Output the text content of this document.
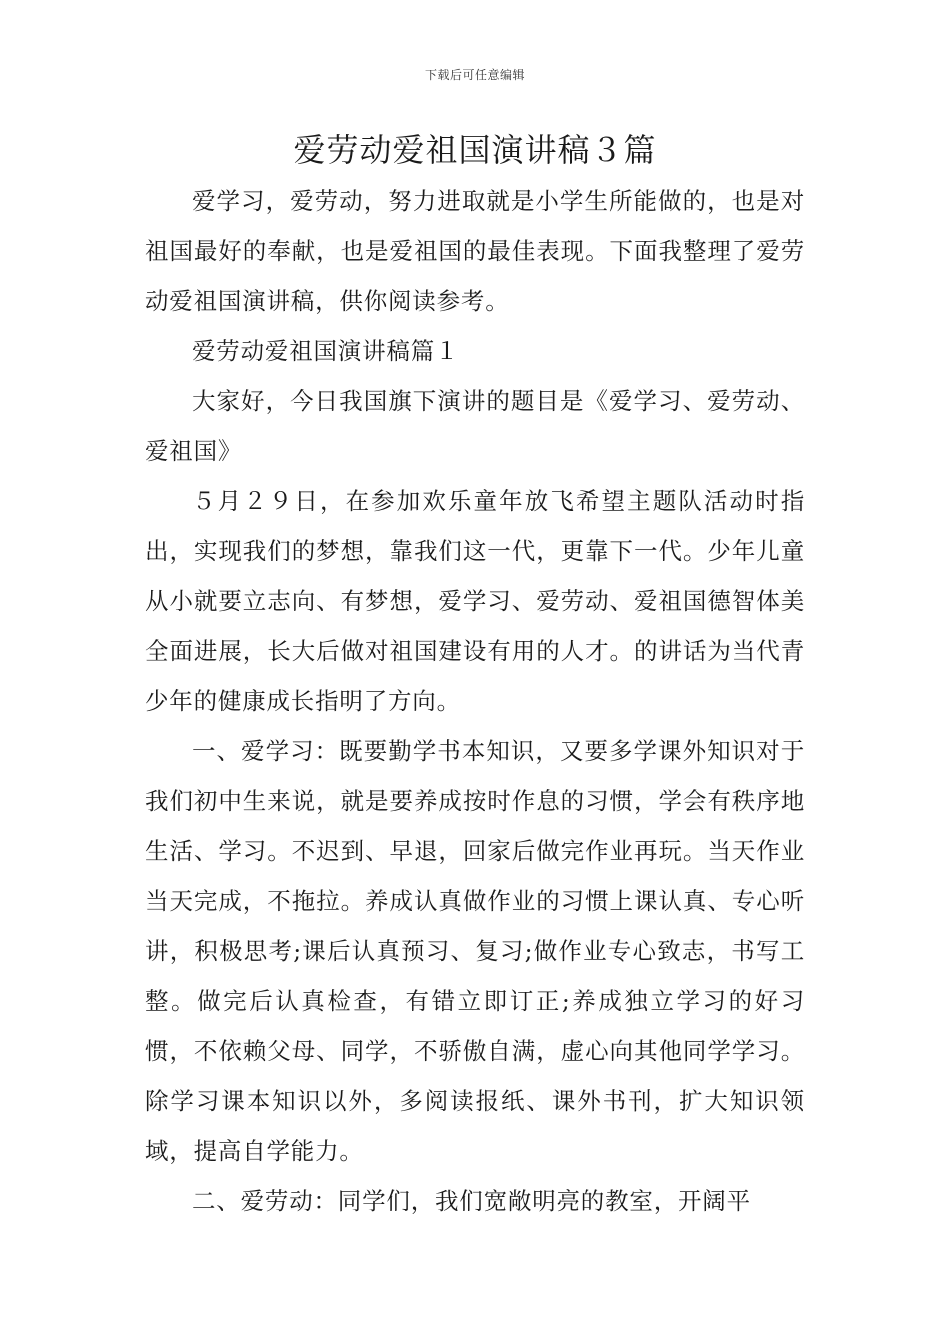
下载后可任意编辑
爱劳动爱祖国演讲稿３篇

爱学习，爱劳动，努力进取就是小学生所能做的，也是对祖国最好的奉献，也是爱祖国的最佳表现。下面我整理了爱劳动爱祖国演讲稿，供你阅读参考。

爱劳动爱祖国演讲稿篇１

大家好，今日我国旗下演讲的题目是《爱学习、爱劳动、爱祖国》

５月２９日，在参加欢乐童年放飞希望主题队活动时指出，实现我们的梦想，靠我们这一代，更靠下一代。少年儿童从小就要立志向、有梦想，爱学习、爱劳动、爱祖国德智体美全面进展，长大后做对祖国建设有用的人才。的讲话为当代青少年的健康成长指明了方向。

一、爱学习：既要勤学书本知识，又要多学课外知识对于我们初中生来说，就是要养成按时作息的习惯，学会有秩序地生活、学习。不迟到、早退，回家后做完作业再玩。当天作业当天完成，不拖拉。养成认真做作业的习惯上课认真、专心听讲，积极思考;课后认真预习、复习;做作业专心致志，书写工整。做完后认真检查，有错立即订正;养成独立学习的好习惯，不依赖父母、同学，不骄傲自满，虚心向其他同学学习。除学习课本知识以外，多阅读报纸、课外书刊，扩大知识领域，提高自学能力。

二、爱劳动：同学们，我们宽敞明亮的教室，开阔平
